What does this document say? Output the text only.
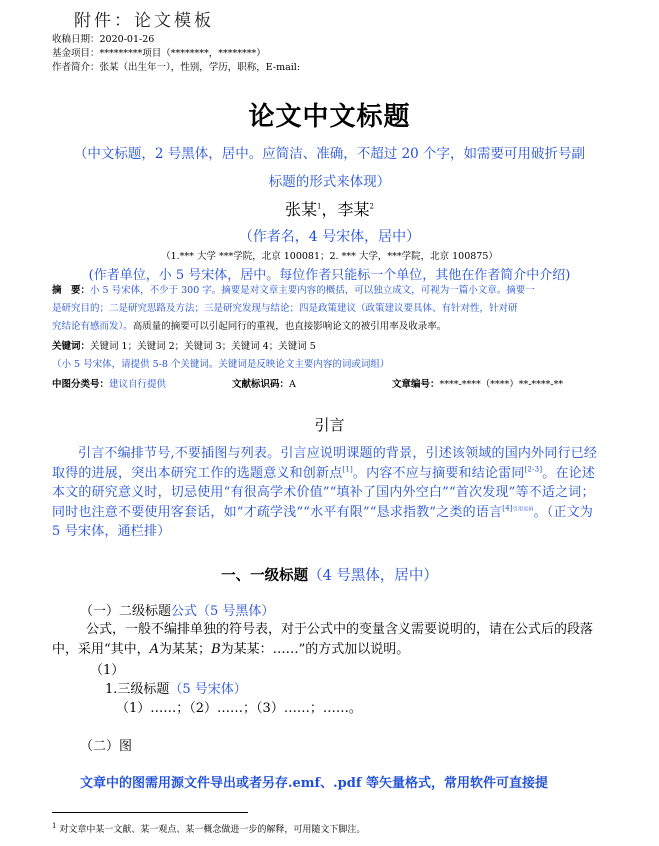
附件：论文模板
收稿日期：2020-01-26
基金项目：*********项目（********，********）
作者简介：张某（出生年一），性别，学历，职称，E-mail:
论文中文标题
（中文标题，2 号黑体，居中。应简洁、准确，不超过 20 个字，如需要可用破折号副
标题的形式来体现）
张某$^1$，李某$^2$
（作者名，4 号宋体，居中）
（1.*** 大学 ***学院，北京 100081；2. *** 大学，***学院，北京 100875）
(作者单位，小 5 号宋体，居中。每位作者只能标一个单位，其他在作者简介中介绍)
摘　要：小 5 号宋体，不少于 300 字。摘要是对文章主要内容的概括，可以独立成文，可视为一篇小文章。摘要一
是研究目的；二是研究思路及方法；三是研究发现与结论；四是政策建议（政策建议要具体、有针对性，针对研
究结论有感而发）。高质量的摘要可以引起同行的重视，也直接影响论文的被引用率及收录率。
关键词：关键词 1；关键词 2；关键词 3；关键词 4；关键词 5
（小 5 号宋体，请提供 5-8 个关键词。关键词是反映论文主要内容的词或词组）
中图分类号：建议自行提供	文献标识码：A	文章编号：****-****（****）**-****-**
引言
引言不编排节号,不要插图与列表。引言应说明课题的背景，引述该领域的国内外同行已经取得的进展，突出本研究工作的选题意义和创新点[1]。内容不应与摘要和结论雷同[2-3]。在论述本文的研究意义时，切忌使用“有很高学术价值”“填补了国内外空白”“首次发现”等不适之词；同时也注意不要使用客套话，如“才疏学浅”“水平有限”“恳求指教”之类的语言$^{[4]引用页码}$。（正文为 5 号宋体，通栏排）
一、一级标题（4 号黑体，居中）
（一）二级标题公式（5 号黑体）
公式，一般不编排单独的符号表，对于公式中的变量含义需要说明的，请在公式后的段落中，采用“其中，A为某某；B为某某：……”的方式加以说明。
（1）
1.三级标题（5 号宋体）
（1）……；（2）……；（3）……；……。
（二）图
文章中的图需用源文件导出或者另存.emf、.pdf 等矢量格式，常用软件可直接提
$^1$ 对文章中某一文献、某一观点、某一概念做进一步的解释，可用随文下脚注。
